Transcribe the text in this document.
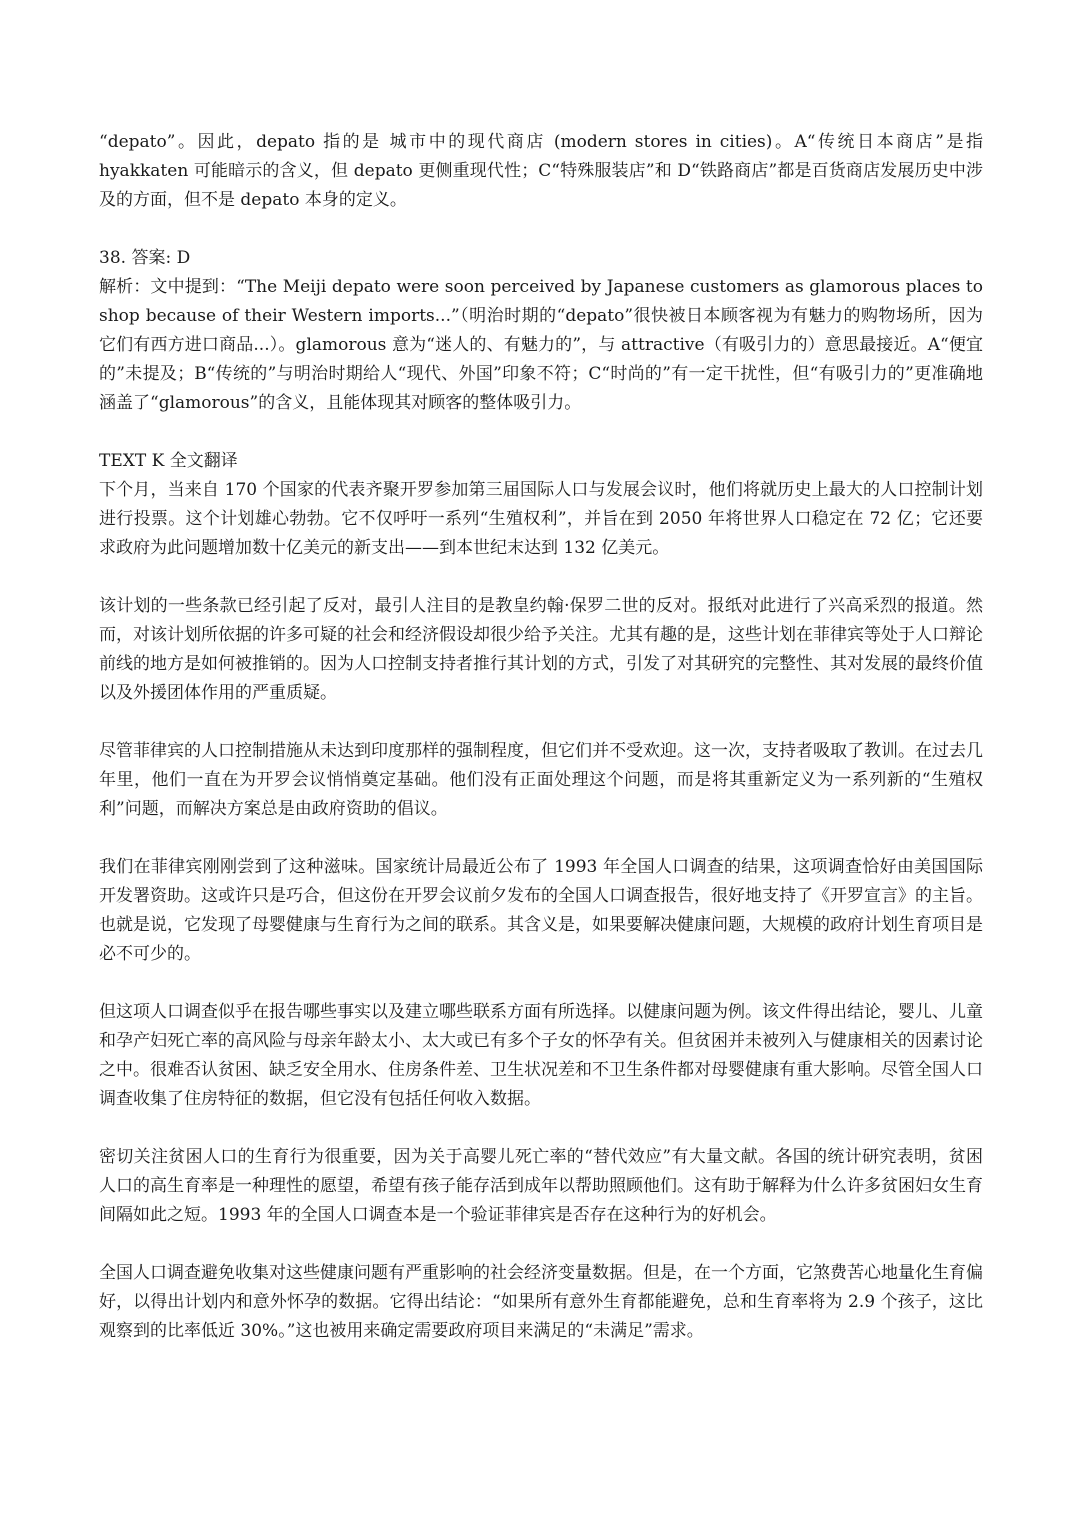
“depato”。因此，depato 指的是 城市中的现代商店 (modern stores in cities)。A“传统日本商店”是指 hyakkaten 可能暗示的含义，但 depato 更侧重现代性；C“特殊服装店”和 D“铁路商店”都是百货商店发展历史中涉及的方面，但不是 depato 本身的定义。

38. 答案: D

解析：文中提到：“The Meiji depato were soon perceived by Japanese customers as glamorous places to shop because of their Western imports...”（明治时期的“depato”很快被日本顾客视为有魅力的购物场所，因为它们有西方进口商品...）。glamorous 意为“迷人的、有魅力的”，与 attractive（有吸引力的）意思最接近。A“便宜的”未提及；B“传统的”与明治时期给人“现代、外国”印象不符；C“时尚的”有一定干扰性，但“有吸引力的”更准确地涵盖了“glamorous”的含义，且能体现其对顾客的整体吸引力。

TEXT K 全文翻译

下个月，当来自 170 个国家的代表齐聚开罗参加第三届国际人口与发展会议时，他们将就历史上最大的人口控制计划进行投票。这个计划雄心勃勃。它不仅呼吁一系列“生殖权利”，并旨在到 2050 年将世界人口稳定在 72 亿；它还要求政府为此问题增加数十亿美元的新支出——到本世纪末达到 132 亿美元。

该计划的一些条款已经引起了反对，最引人注目的是教皇约翰·保罗二世的反对。报纸对此进行了兴高采烈的报道。然而，对该计划所依据的许多可疑的社会和经济假设却很少给予关注。尤其有趣的是，这些计划在菲律宾等处于人口辩论前线的地方是如何被推销的。因为人口控制支持者推行其计划的方式，引发了对其研究的完整性、其对发展的最终价值以及外援团体作用的严重质疑。

尽管菲律宾的人口控制措施从未达到印度那样的强制程度，但它们并不受欢迎。这一次，支持者吸取了教训。在过去几年里，他们一直在为开罗会议悄悄奠定基础。他们没有正面处理这个问题，而是将其重新定义为一系列新的“生殖权利”问题，而解决方案总是由政府资助的倡议。

我们在菲律宾刚刚尝到了这种滋味。国家统计局最近公布了 1993 年全国人口调查的结果，这项调查恰好由美国国际开发署资助。这或许只是巧合，但这份在开罗会议前夕发布的全国人口调查报告，很好地支持了《开罗宣言》的主旨。也就是说，它发现了母婴健康与生育行为之间的联系。其含义是，如果要解决健康问题，大规模的政府计划生育项目是必不可少的。

但这项人口调查似乎在报告哪些事实以及建立哪些联系方面有所选择。以健康问题为例。该文件得出结论，婴儿、儿童和孕产妇死亡率的高风险与母亲年龄太小、太大或已有多个子女的怀孕有关。但贫困并未被列入与健康相关的因素讨论之中。很难否认贫困、缺乏安全用水、住房条件差、卫生状况差和不卫生条件都对母婴健康有重大影响。尽管全国人口调查收集了住房特征的数据，但它没有包括任何收入数据。

密切关注贫困人口的生育行为很重要，因为关于高婴儿死亡率的“替代效应”有大量文献。各国的统计研究表明，贫困人口的高生育率是一种理性的愿望，希望有孩子能存活到成年以帮助照顾他们。这有助于解释为什么许多贫困妇女生育间隔如此之短。1993 年的全国人口调查本是一个验证菲律宾是否存在这种行为的好机会。

全国人口调查避免收集对这些健康问题有严重影响的社会经济变量数据。但是，在一个方面，它煞费苦心地量化生育偏好，以得出计划内和意外怀孕的数据。它得出结论：“如果所有意外生育都能避免，总和生育率将为 2.9 个孩子，这比观察到的比率低近 30%。”这也被用来确定需要政府项目来满足的“未满足”需求。
